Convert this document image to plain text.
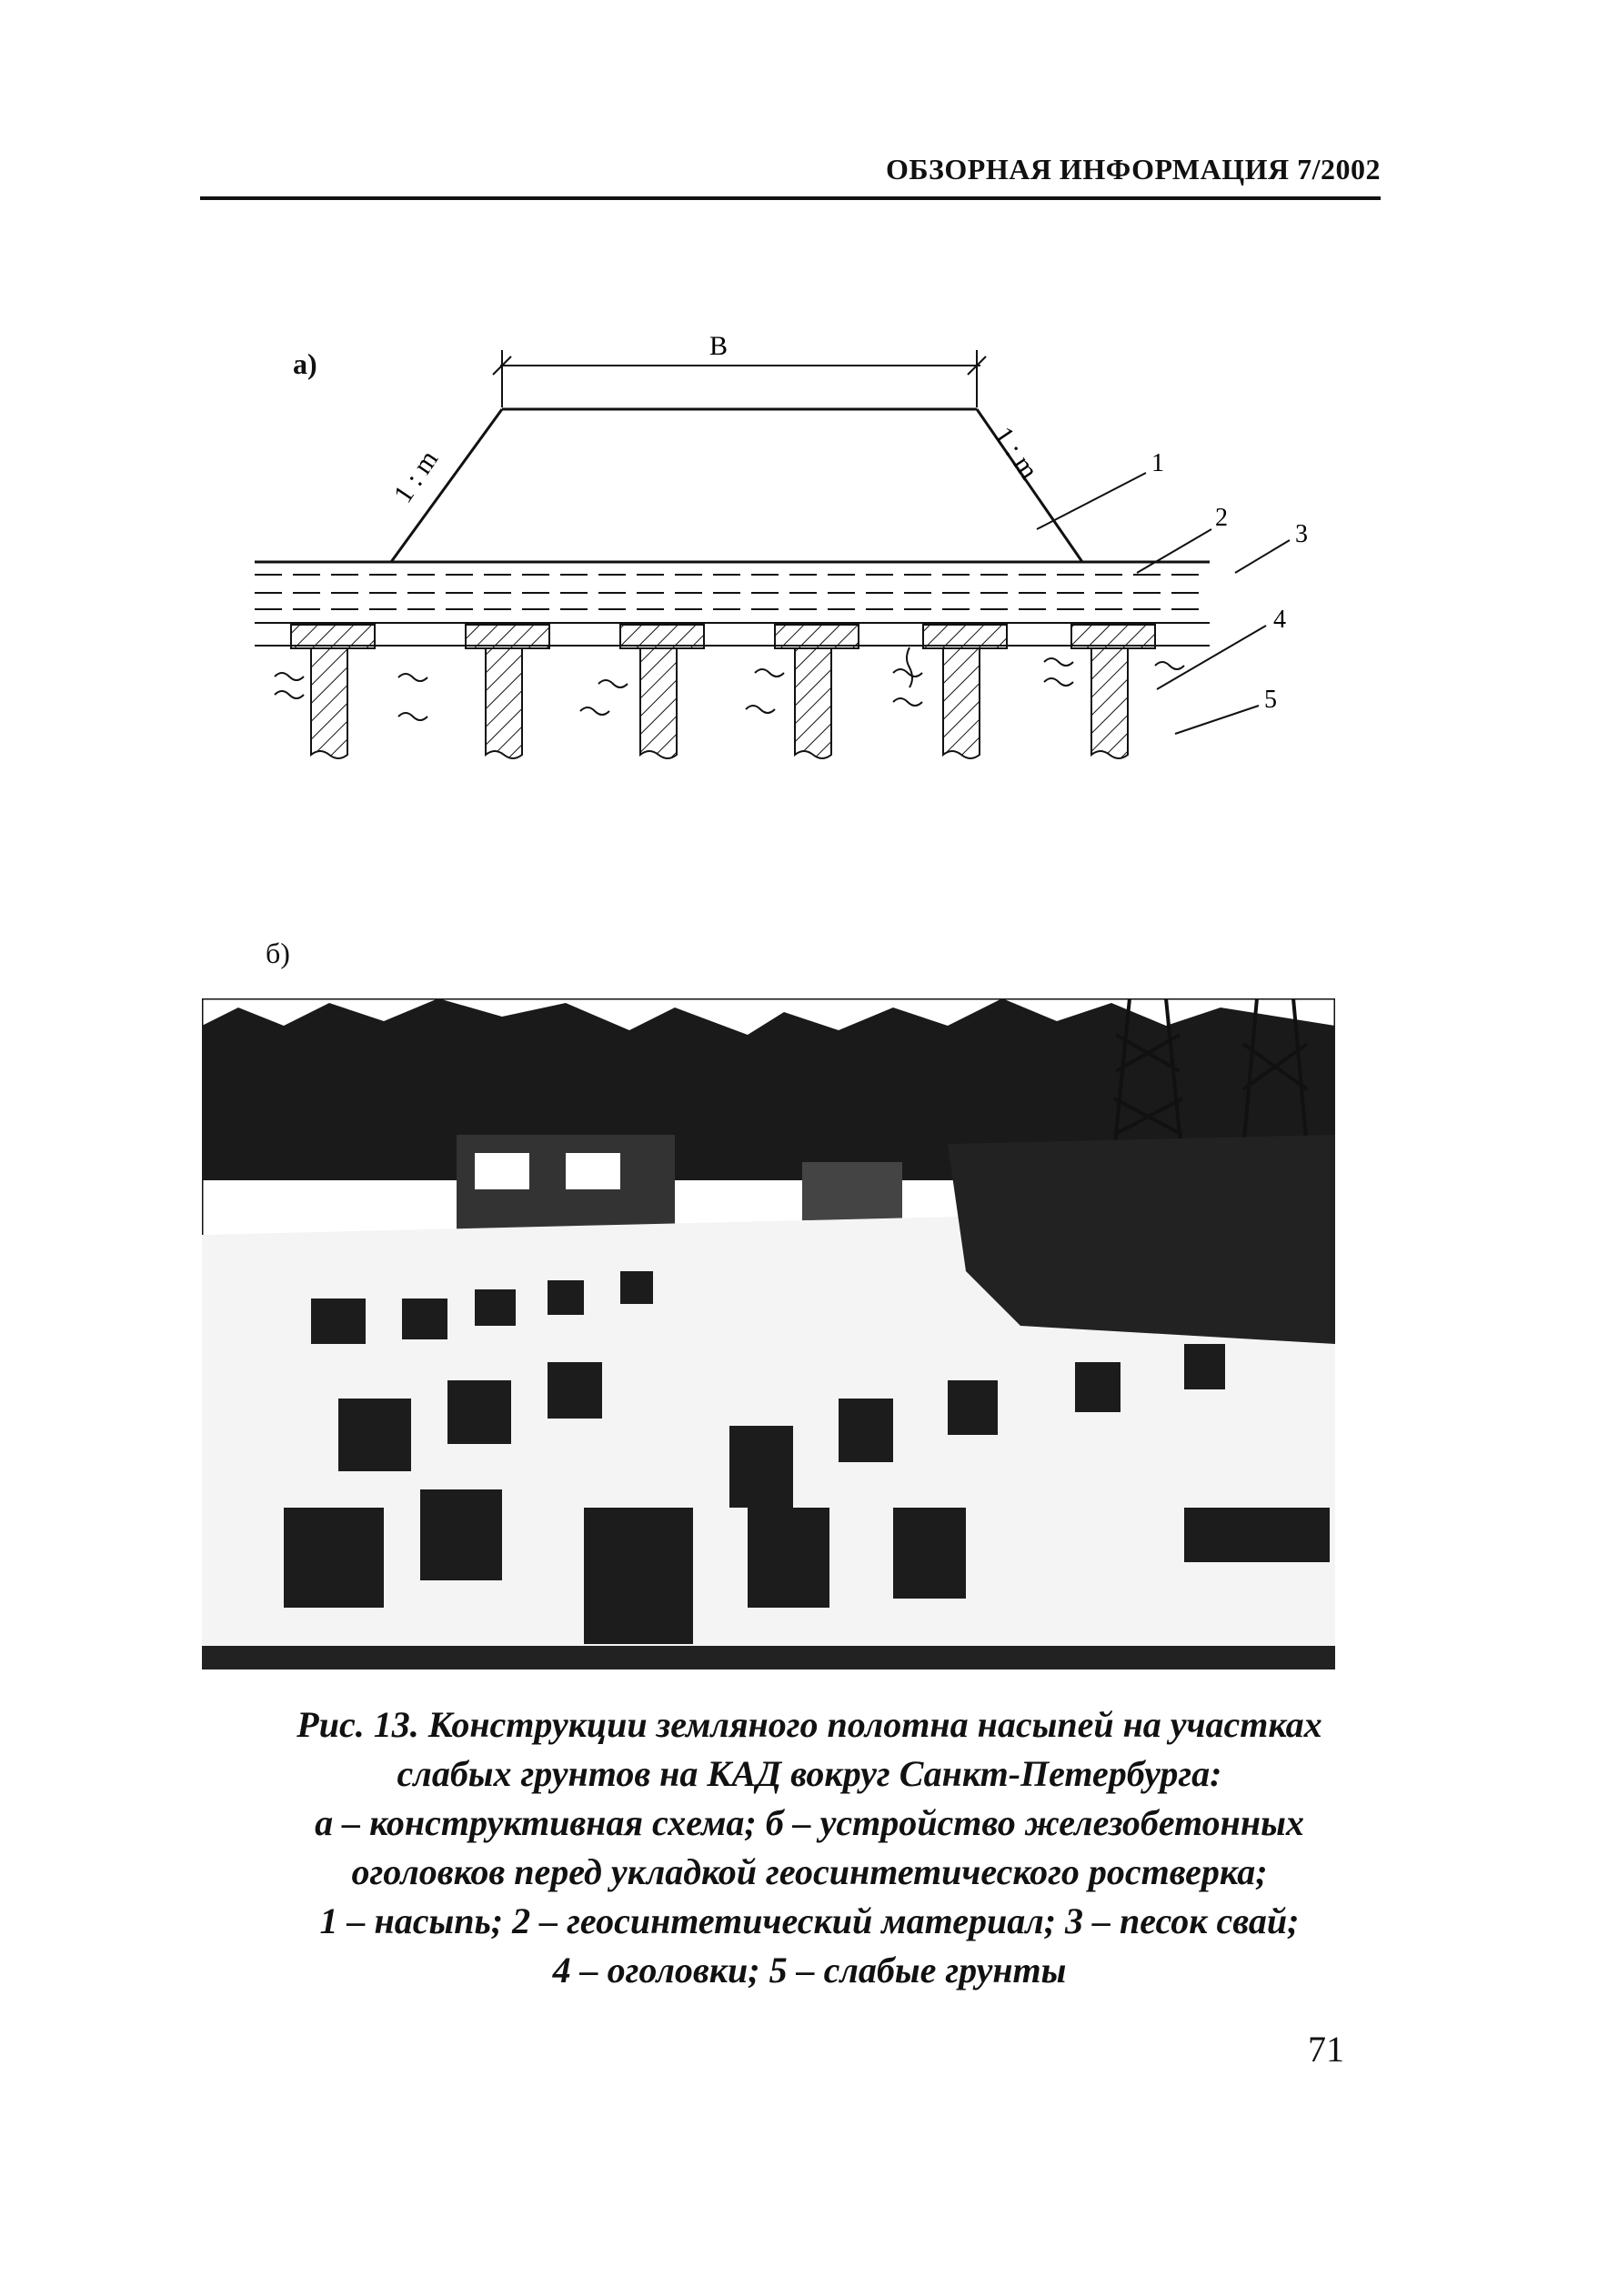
ОБЗОРНАЯ ИНФОРМАЦИЯ 7/2002
а)
В
1 : m	1 : m	1
2
3
4
5
б)
Рис. 13. Конструкции земляного полотна насыпей на участках
слабых грунтов на КАД вокруг Санкт-Петербурга:
а – конструктивная схема; б – устройство железобетонных
оголовков перед укладкой геосинтетического ростверка;
1 – насыпь; 2 – геосинтетический материал; 3 – песок свай;
4 – оголовки; 5 – слабые грунты
71
